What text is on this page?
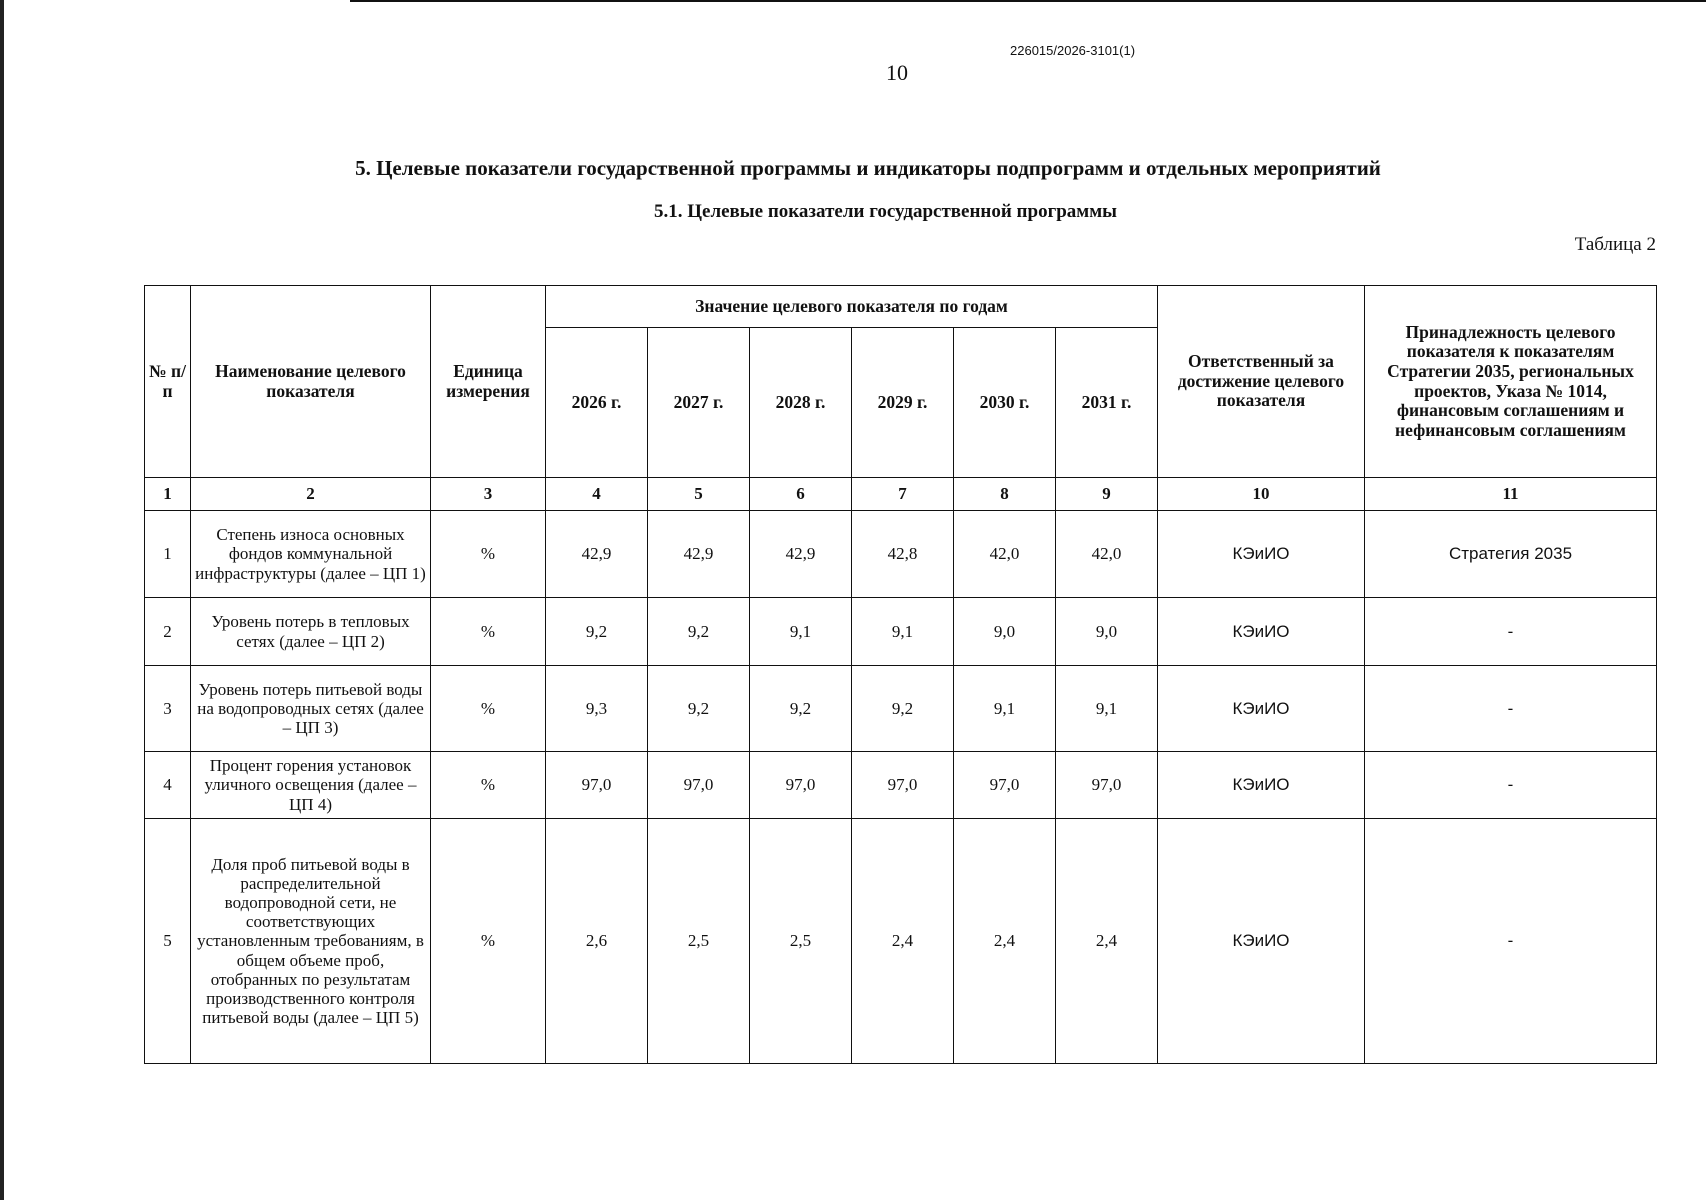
226015/2026-3101(1)
10
5. Целевые показатели государственной программы и индикаторы подпрограмм и отдельных мероприятий
5.1. Целевые показатели государственной программы
Таблица 2
№ п/п	Наименование целевого показателя	Единица измерения	Значение целевого показателя по годам						Ответственный за достижение целевого показателя	Принадлежность целевого показателя к показателям Стратегии 2035, региональных проектов, Указа № 1014, финансовым соглашениям и нефинансовым соглашениям
			2026 г.	2027 г.	2028 г.	2029 г.	2030 г.	2031 г.		
1	2	3	4	5	6	7	8	9	10	11
1	Степень износа основных фондов коммунальной инфраструктуры (далее – ЦП 1)	%	42,9	42,9	42,9	42,8	42,0	42,0	КЭиИО	Стратегия 2035
2	Уровень потерь в тепловых сетях (далее – ЦП 2)	%	9,2	9,2	9,1	9,1	9,0	9,0	КЭиИО	-
3	Уровень потерь питьевой воды на водопроводных сетях (далее – ЦП 3)	%	9,3	9,2	9,2	9,2	9,1	9,1	КЭиИО	-
4	Процент горения установок уличного освещения (далее – ЦП 4)	%	97,0	97,0	97,0	97,0	97,0	97,0	КЭиИО	-
5	Доля проб питьевой воды в распределительной водопроводной сети, не соответствующих установленным требованиям, в общем объеме проб, отобранных по результатам производственного контроля питьевой воды (далее – ЦП 5)	%	2,6	2,5	2,5	2,4	2,4	2,4	КЭиИО	-
